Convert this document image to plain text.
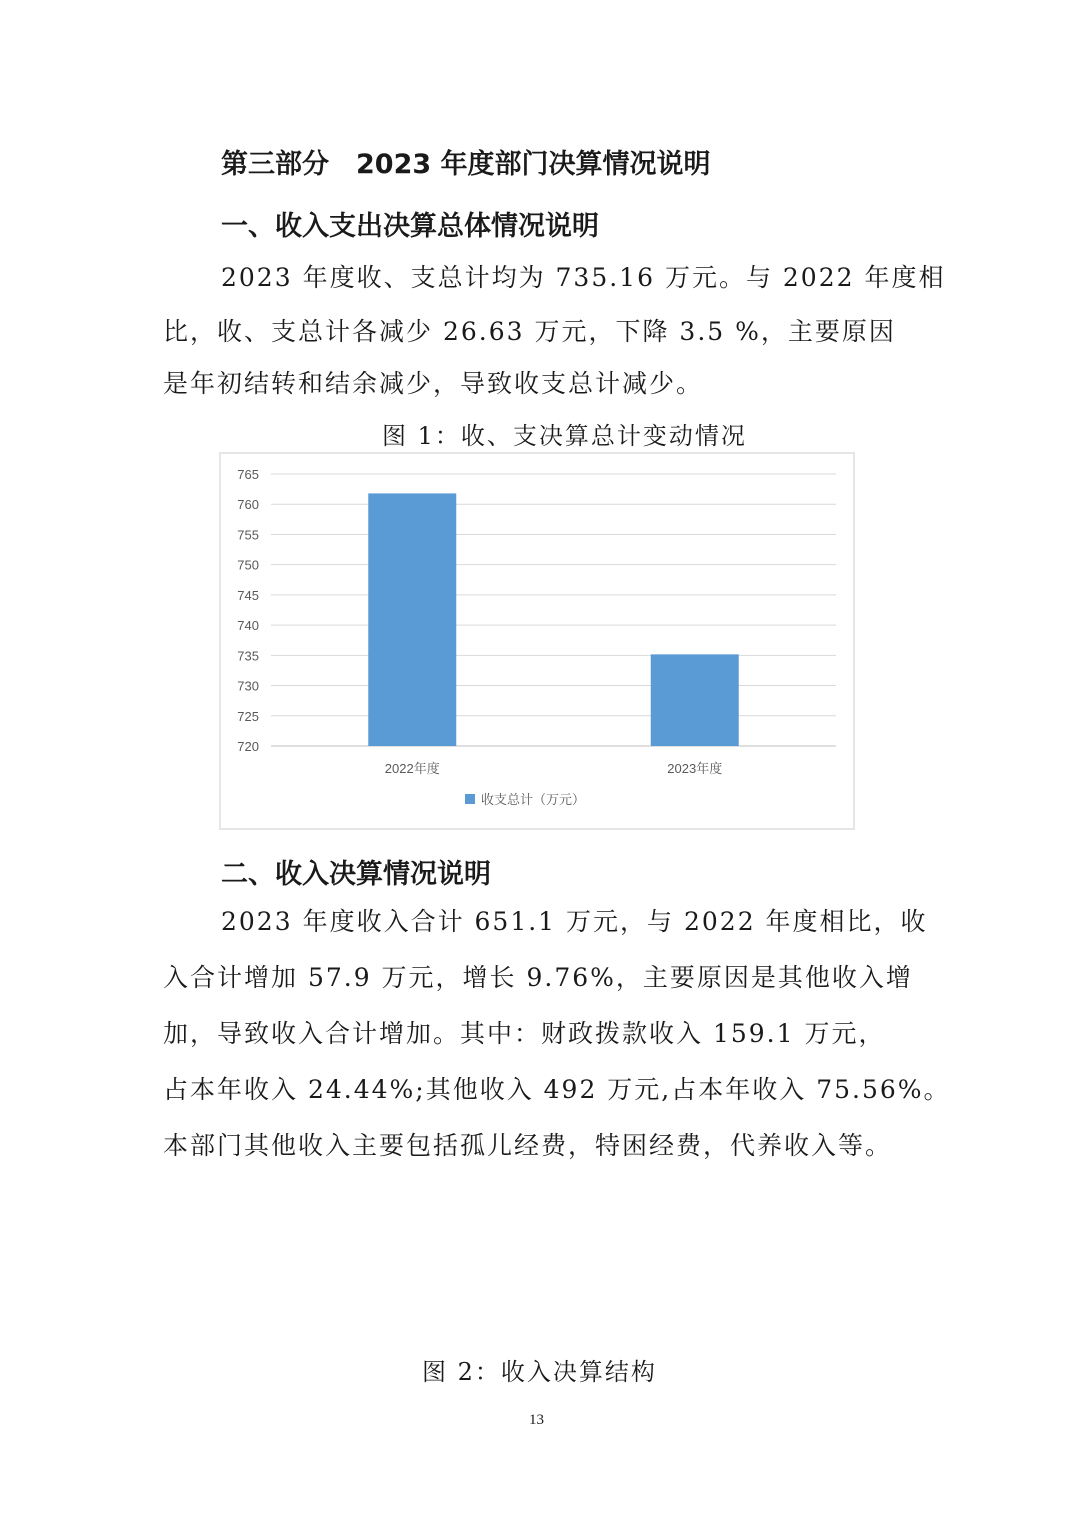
第三部分　2023 年度部门决算情况说明
一、收入支出决算总体情况说明
2023 年度收、支总计均为 735.16 万元。与 2022 年度相
比，收、支总计各减少 26.63 万元，下降 3.5 %，主要原因
是年初结转和结余减少，导致收支总计减少。
图 1：收、支决算总计变动情况
720
725
730
735
740
745
750
755
760
765
2022年度	2023年度
收支总计（万元）
二、收入决算情况说明
2023 年度收入合计 651.1 万元，与 2022 年度相比，收
入合计增加 57.9 万元，增长 9.76%，主要原因是其他收入增
加，导致收入合计增加。其中：财政拨款收入 159.1 万元，
占本年收入 24.44%;其他收入 492 万元,占本年收入 75.56%。
本部门其他收入主要包括孤儿经费，特困经费，代养收入等。
图 2：收入决算结构
13
